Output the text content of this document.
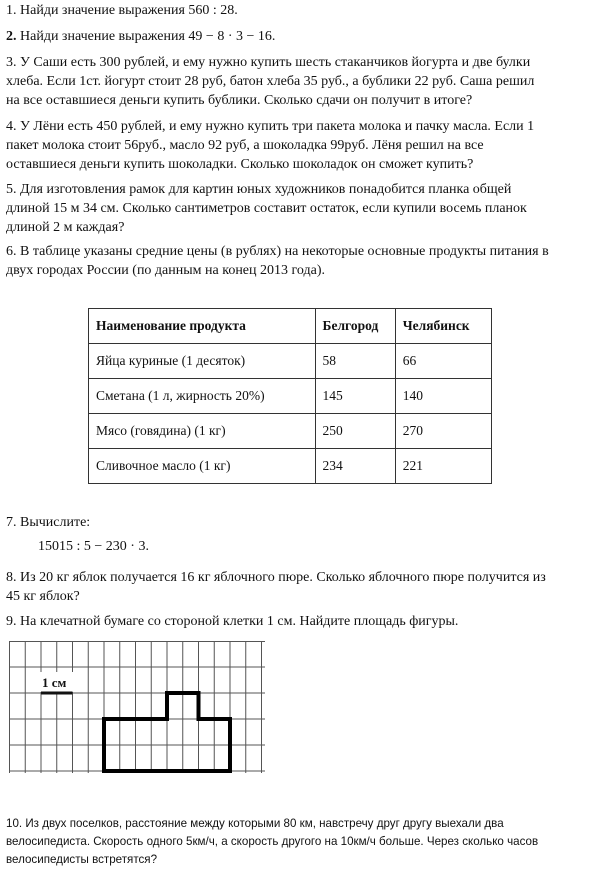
1. Найди значение выражения 560 : 28.
2. Найди значение выражения 49 − 8 · 3 − 16.
3. У Саши есть 300 рублей, и ему нужно купить шесть стаканчиков йогурта и две булки
хлеба. Если 1ст. йогурт стоит 28 руб, батон хлеба 35 руб., а бублики 22 руб. Саша решил
на все оставшиеся деньги купить бублики. Сколько сдачи он получит в итоге?
4. У Лёни есть 450 рублей, и ему нужно купить три пакета молока и пачку масла. Если 1
пакет молока стоит 56руб., масло 92 руб, а шоколадка 99руб. Лёня решил на все
оставшиеся деньги купить шоколадки. Сколько шоколадок он сможет купить?
5. Для изготовления рамок для картин юных художников понадобится планка общей
длиной 15 м 34 см. Сколько сантиметров составит остаток, если купили восемь планок
длиной 2 м каждая?
6. В таблице указаны средние цены (в рублях) на некоторые основные продукты питания в
двух городах России (по данным на конец 2013 года).
Наименование продукта	Белгород	Челябинск
Яйца куриные (1 десяток)	58	66
Сметана (1 л, жирность 20%)	145	140
Мясо (говядина) (1 кг)	250	270
Сливочное масло (1 кг)	234	221
7. Вычислите:
15015 : 5 − 230 · 3.
8. Из 20 кг яблок получается 16 кг яблочного пюре. Сколько яблочного пюре получится из
45 кг яблок?
9. На клечатной бумаге со стороной клетки 1 см. Найдите площадь фигуры.
1 см
10. Из двух поселков, расстояние между которыми 80 км, навстречу друг другу выехали два
велосипедиста. Скорость одного 5км/ч, а скорость другого на 10км/ч больше. Через сколько часов
велосипедисты встретятся?
